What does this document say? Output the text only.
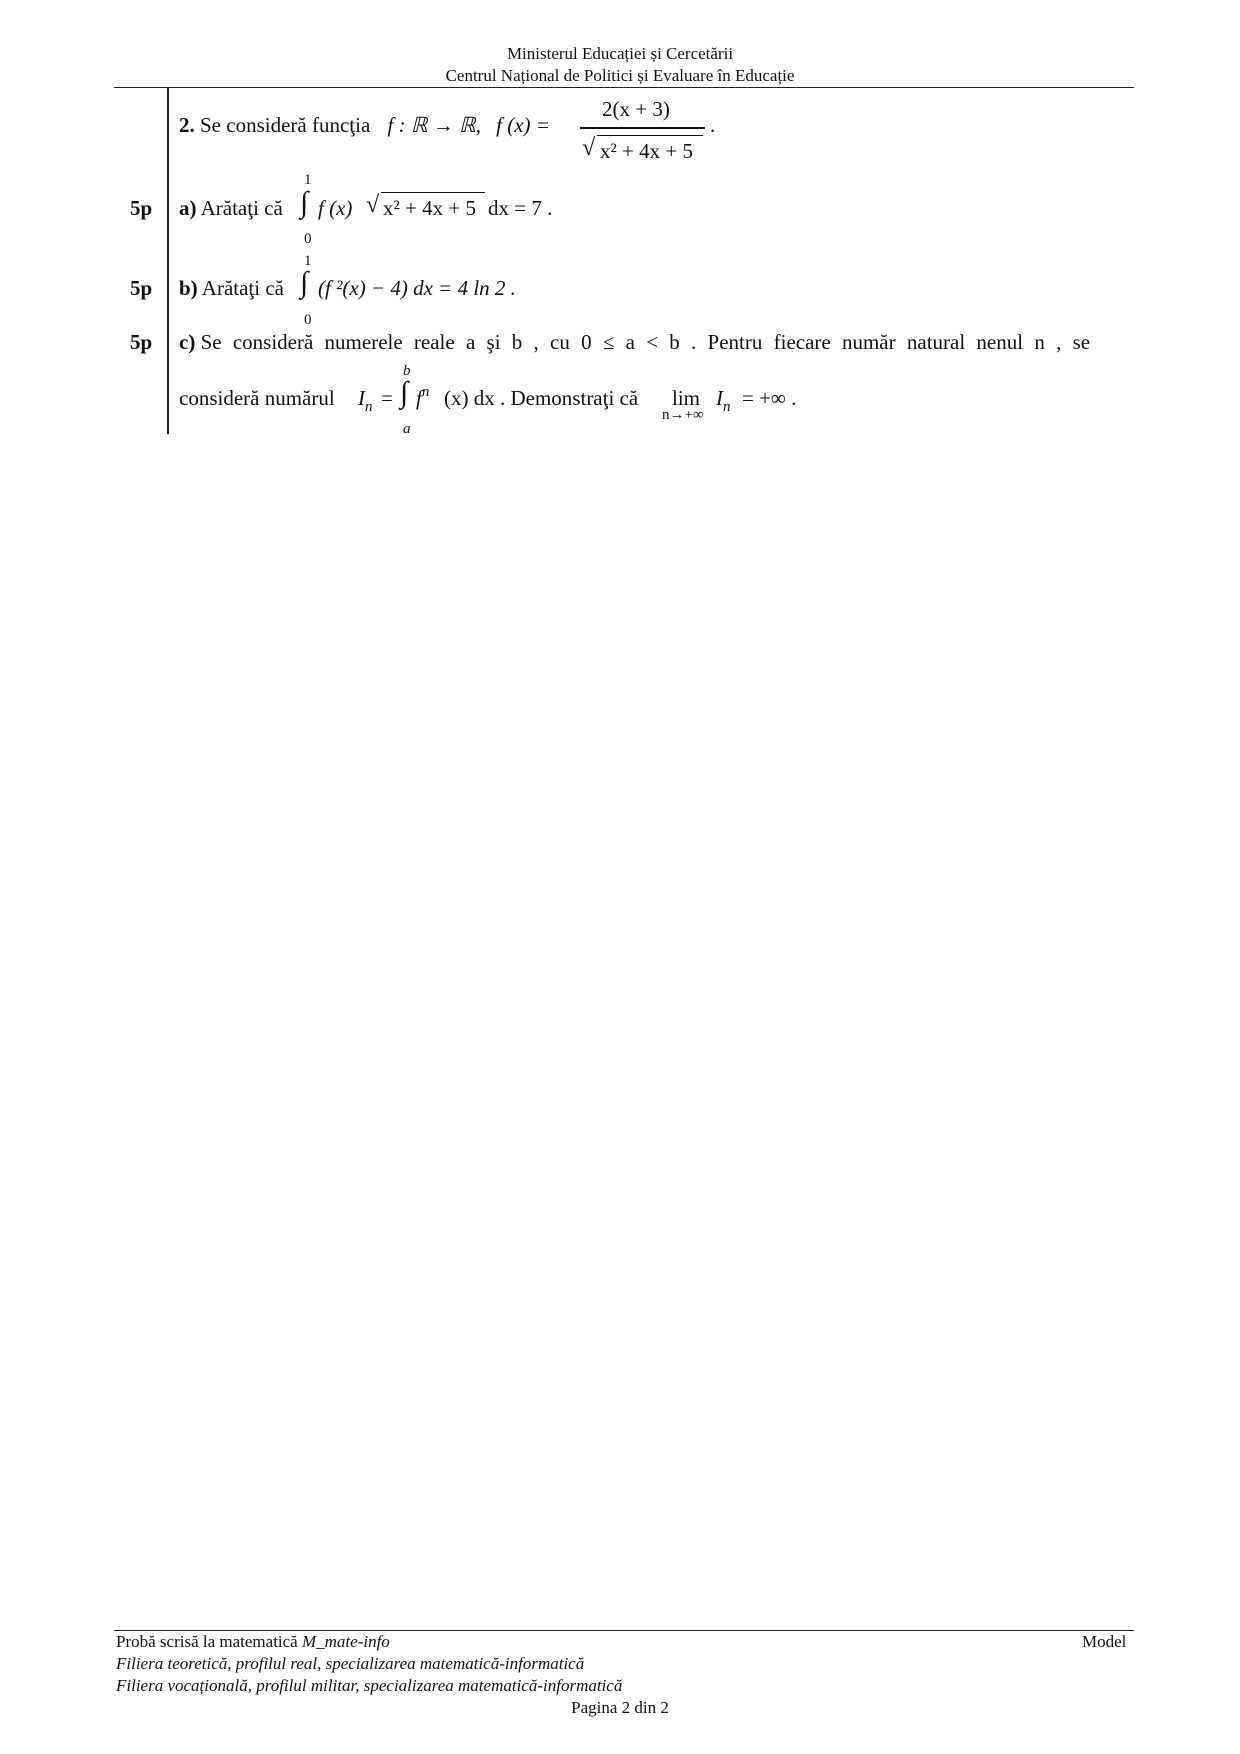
Ministerul Educației și Cercetării
Centrul Național de Politici și Evaluare în Educație
2. Se consideră funcţia f : ℝ → ℝ, f (x) =
2(x + 3)
√ x² + 4x + 5
.
5p a) Arătaţi că
1
∫
0
f (x) √ x² + 4x + 5 dx = 7 .
5p b) Arătaţi că
1
∫
0
(f ²(x) − 4) dx = 4 ln 2 .
5p c) Se consideră numerele reale a şi b , cu 0 ≤ a < b . Pentru fiecare număr natural nenul n , se
consideră numărul $I_n$ =
b
∫
a
$f^n$ (x) dx . Demonstraţi că lim
n→+∞
$I_n$ = +∞ .
Probă scrisă la matematică M_mate-info	Model
Filiera teoretică, profilul real, specializarea matematică-informatică
Filiera vocațională, profilul militar, specializarea matematică-informatică
Pagina 2 din 2
